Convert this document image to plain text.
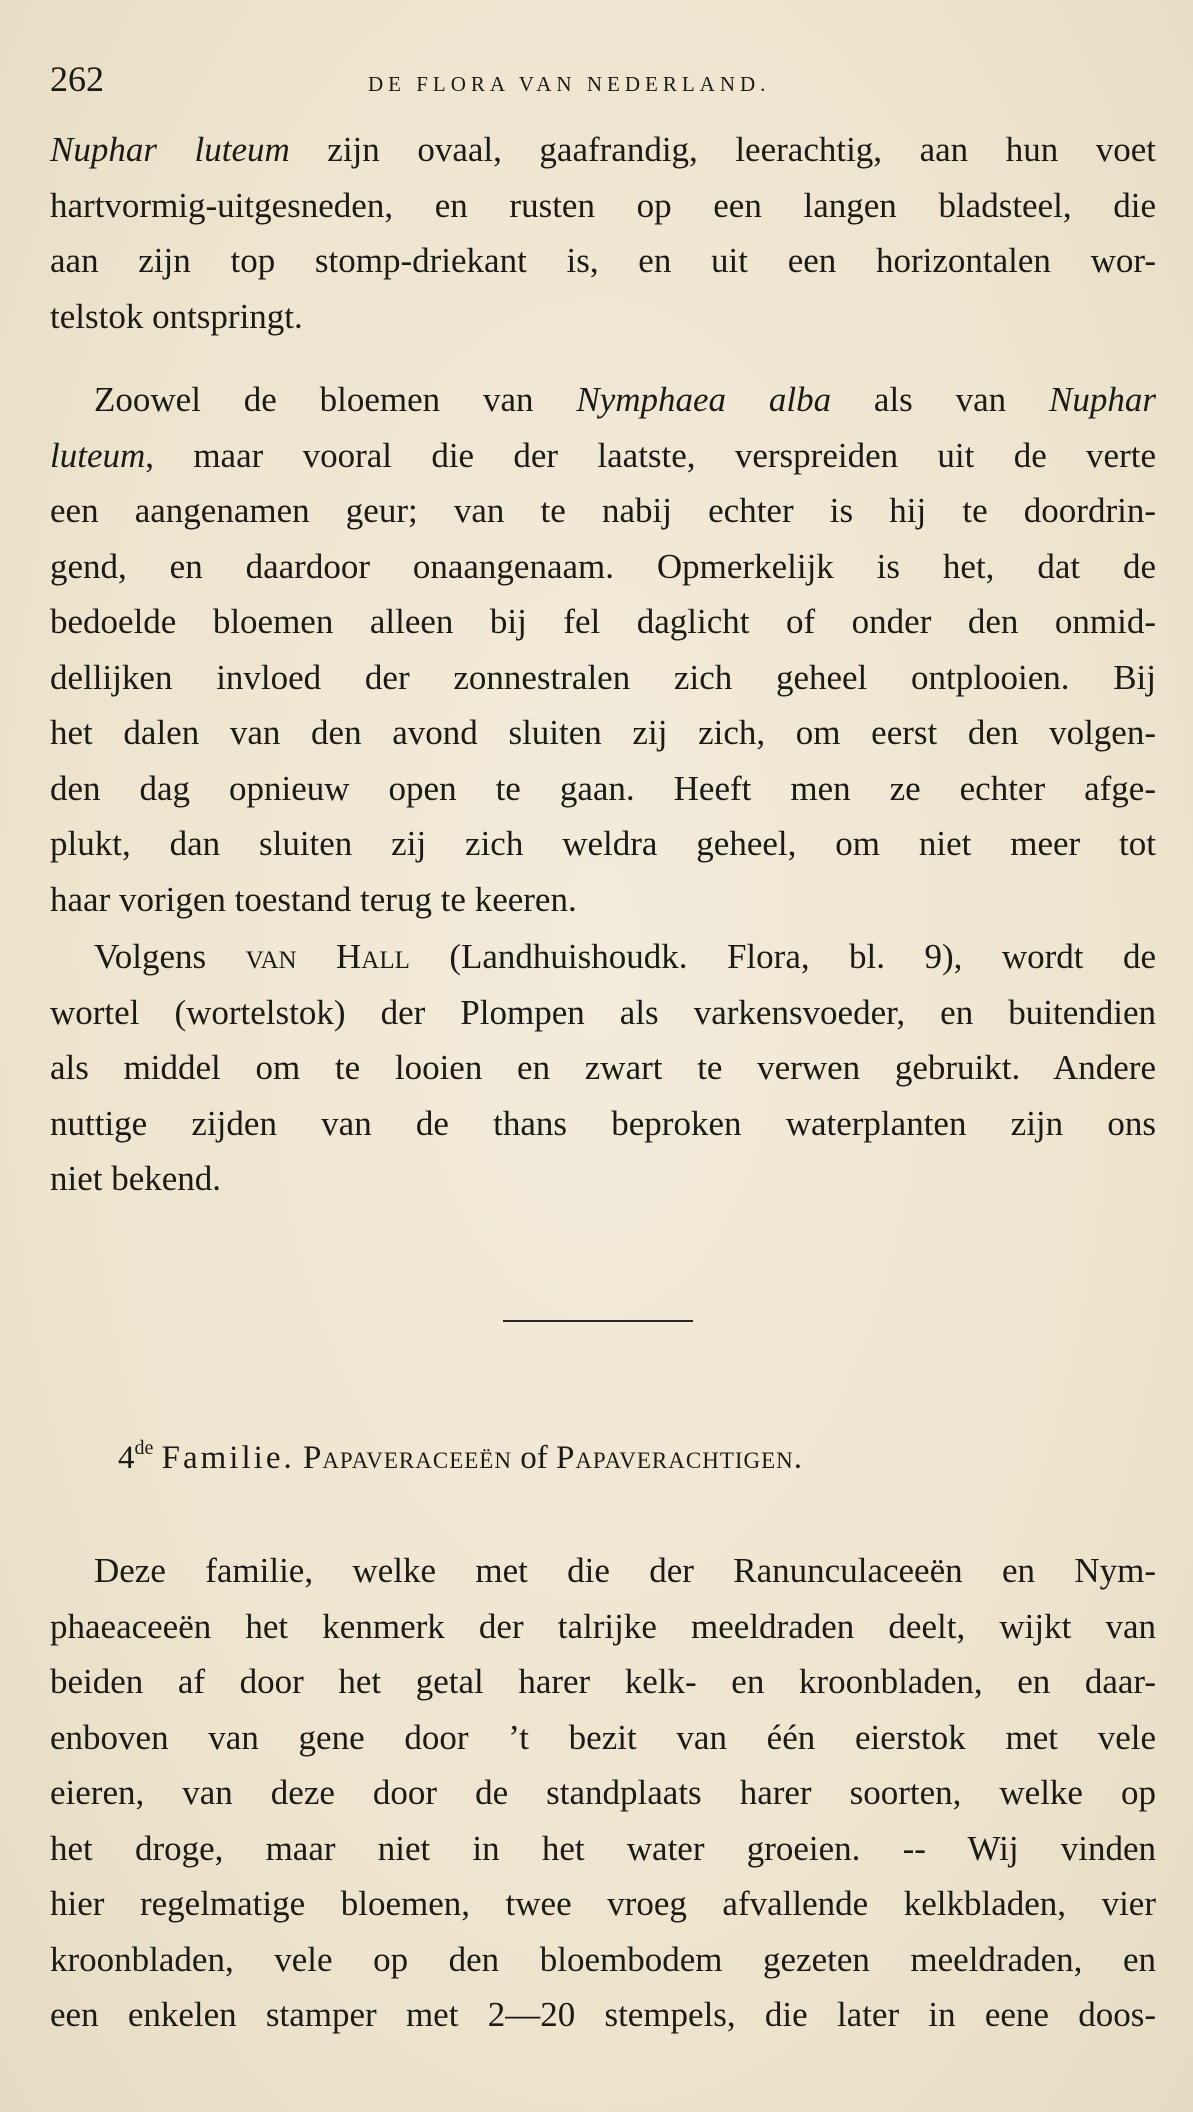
262	DE FLORA VAN NEDERLAND.
Nuphar luteum zijn ovaal, gaafrandig, leerachtig, aan hun voet
hartvormig-uitgesneden, en rusten op een langen bladsteel, die
aan zijn top stomp-driekant is, en uit een horizontalen wor-
telstok ontspringt.
Zoowel de bloemen van Nymphaea alba als van Nuphar
luteum, maar vooral die der laatste, verspreiden uit de verte
een aangenamen geur; van te nabij echter is hij te doordrin-
gend, en daardoor onaangenaam. Opmerkelijk is het, dat de
bedoelde bloemen alleen bij fel daglicht of onder den onmid-
dellijken invloed der zonnestralen zich geheel ontplooien. Bij
het dalen van den avond sluiten zij zich, om eerst den volgen-
den dag opnieuw open te gaan. Heeft men ze echter afge-
plukt, dan sluiten zij zich weldra geheel, om niet meer tot
haar vorigen toestand terug te keeren.
Volgens van Hall (Landhuishoudk. Flora, bl. 9), wordt de
wortel (wortelstok) der Plompen als varkensvoeder, en buitendien
als middel om te looien en zwart te verwen gebruikt. Andere
nuttige zijden van de thans beproken waterplanten zijn ons
niet bekend.
4de Familie. Papaveraceeën of Papaverachtigen.
Deze familie, welke met die der Ranunculaceeën en Nym-
phaeaceeën het kenmerk der talrijke meeldraden deelt, wijkt van
beiden af door het getal harer kelk- en kroonbladen, en daar-
enboven van gene door ’t bezit van één eierstok met vele
eieren, van deze door de standplaats harer soorten, welke op
het droge, maar niet in het water groeien. -- Wij vinden
hier regelmatige bloemen, twee vroeg afvallende kelkbladen, vier
kroonbladen, vele op den bloembodem gezeten meeldraden, en
een enkelen stamper met 2—20 stempels, die later in eene doos-
